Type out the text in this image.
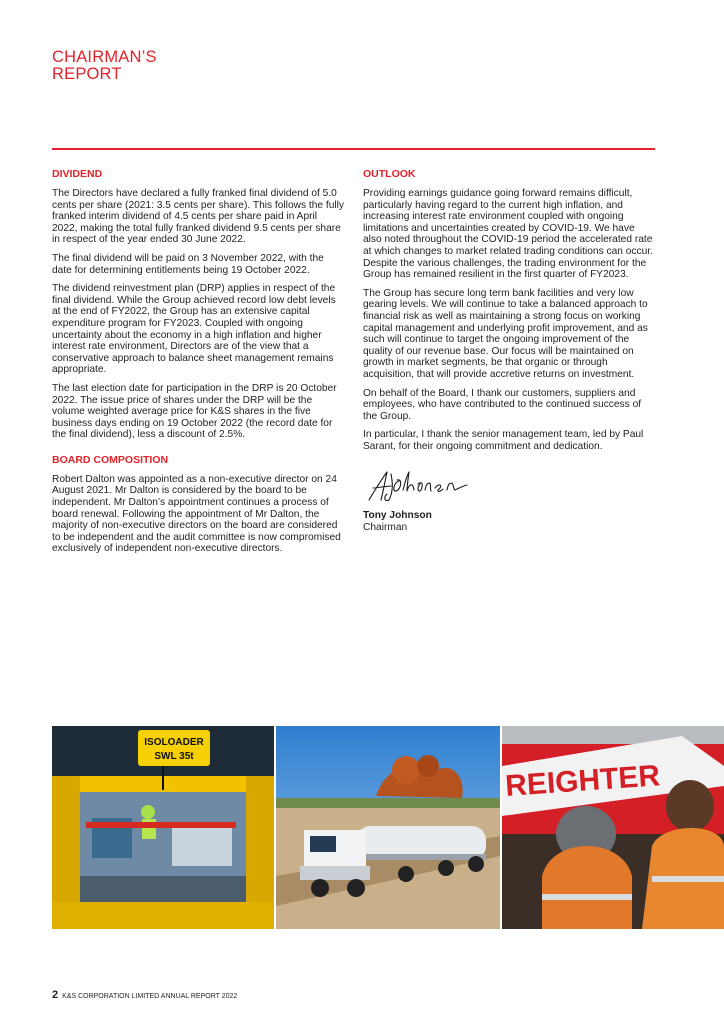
CHAIRMAN’S
REPORT
DIVIDEND

The Directors have declared a fully franked final dividend of 5.0 cents per share (2021: 3.5 cents per share). This follows the fully franked interim dividend of 4.5 cents per share paid in April 2022, making the total fully franked dividend 9.5 cents per share in respect of the year ended 30 June 2022.

The final dividend will be paid on 3 November 2022, with the date for determining entitlements being 19 October 2022.

The dividend reinvestment plan (DRP) applies in respect of the final dividend. While the Group achieved record low debt levels at the end of FY2022, the Group has an extensive capital expenditure program for FY2023. Coupled with ongoing uncertainty about the economy in a high inflation and higher interest rate environment, Directors are of the view that a conservative approach to balance sheet management remains appropriate.

The last election date for participation in the DRP is 20 October 2022. The issue price of shares under the DRP will be the volume weighted average price for K&S shares in the five business days ending on 19 October 2022 (the record date for the final dividend), less a discount of 2.5%.

BOARD COMPOSITION

Robert Dalton was appointed as a non-executive director on 24 August 2021. Mr Dalton is considered by the board to be independent. Mr Dalton’s appointment continues a process of board renewal. Following the appointment of Mr Dalton, the majority of non-executive directors on the board are considered to be independent and the audit committee is now compromised exclusively of independent non-executive directors.

OUTLOOK

Providing earnings guidance going forward remains difficult, particularly having regard to the current high inflation, and increasing interest rate environment coupled with ongoing limitations and uncertainties created by COVID-19. We have also noted throughout the COVID-19 period the accelerated rate at which changes to market related trading conditions can occur. Despite the various challenges, the trading environment for the Group has remained resilient in the first quarter of FY2023.

The Group has secure long term bank facilities and very low gearing levels. We will continue to take a balanced approach to financial risk as well as maintaining a strong focus on working capital management and underlying profit improvement, and as such will continue to target the ongoing improvement of the quality of our revenue base. Our focus will be maintained on growth in market segments, be that organic or through acquisition, that will provide accretive returns on investment.

On behalf of the Board, I thank our customers, suppliers and employees, who have contributed to the continued success of the Group.

In particular, I thank the senior management team, led by Paul Sarant, for their ongoing commitment and dedication.

Tony Johnson

Chairman

ISOLOADER
SWL 35t
REIGHTER
2 K&S CORPORATION LIMITED ANNUAL REPORT 2022
